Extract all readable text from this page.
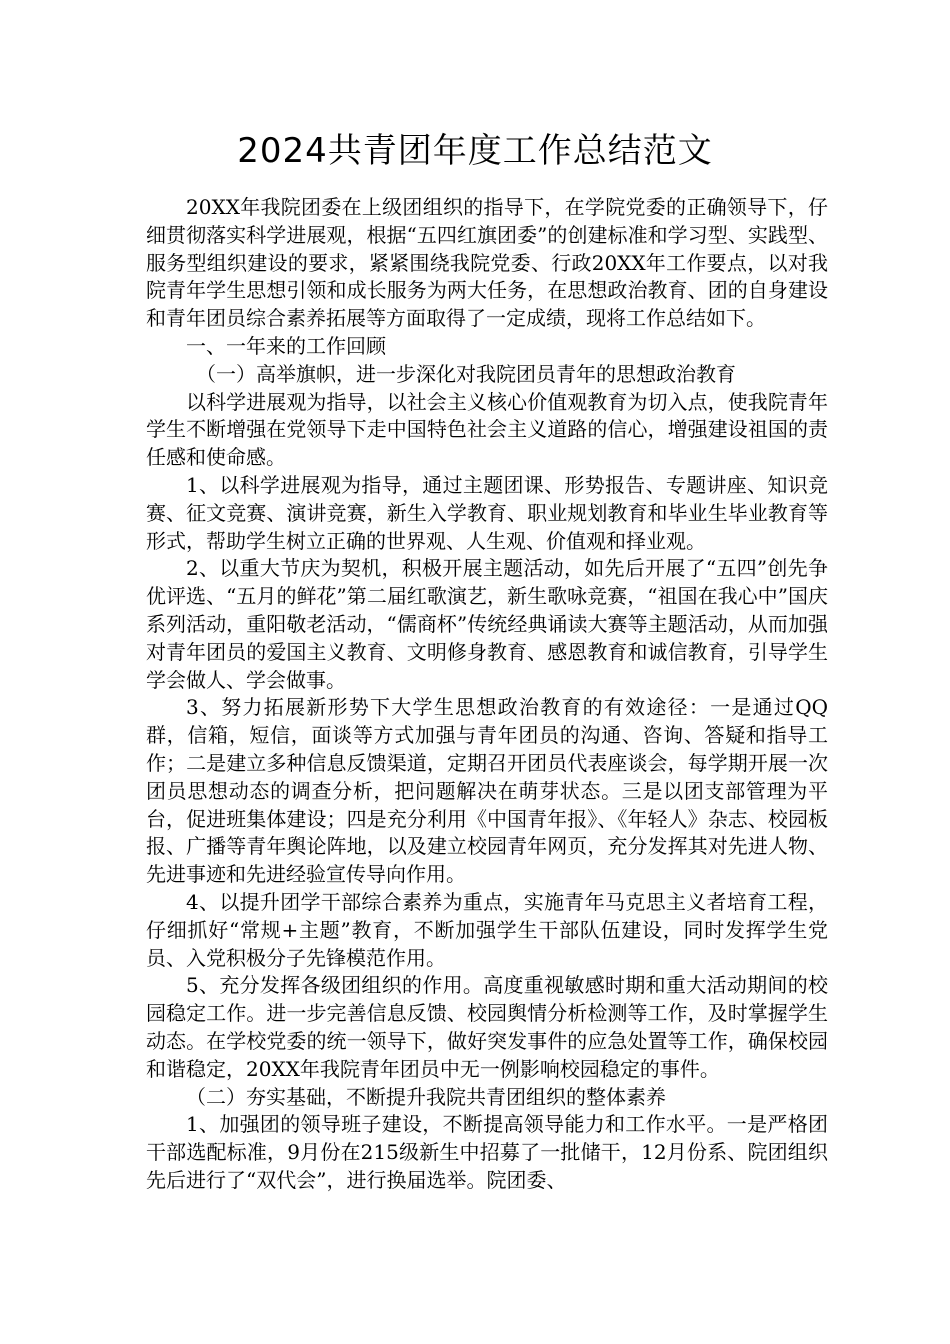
2024共青团年度工作总结范文

20XX年我院团委在上级团组织的指导下，在学院党委的正确领导下，仔细贯彻落实科学进展观，根据“五四红旗团委”的创建标准和学习型、实践型、服务型组织建设的要求，紧紧围绕我院党委、行政20XX年工作要点，以对我院青年学生思想引领和成长服务为两大任务，在思想政治教育、团的自身建设和青年团员综合素养拓展等方面取得了一定成绩，现将工作总结如下。

一、一年来的工作回顾

（一）高举旗帜，进一步深化对我院团员青年的思想政治教育

以科学进展观为指导，以社会主义核心价值观教育为切入点，使我院青年学生不断增强在党领导下走中国特色社会主义道路的信心，增强建设祖国的责任感和使命感。

1、以科学进展观为指导，通过主题团课、形势报告、专题讲座、知识竞赛、征文竞赛、演讲竞赛，新生入学教育、职业规划教育和毕业生毕业教育等形式，帮助学生树立正确的世界观、人生观、价值观和择业观。

2、以重大节庆为契机，积极开展主题活动，如先后开展了“五四”创先争优评选、“五月的鲜花”第二届红歌演艺，新生歌咏竞赛，“祖国在我心中”国庆系列活动，重阳敬老活动，“儒商杯”传统经典诵读大赛等主题活动，从而加强对青年团员的爱国主义教育、文明修身教育、感恩教育和诚信教育，引导学生学会做人、学会做事。

3、努力拓展新形势下大学生思想政治教育的有效途径：一是通过QQ群，信箱，短信，面谈等方式加强与青年团员的沟通、咨询、答疑和指导工作；二是建立多种信息反馈渠道，定期召开团员代表座谈会，每学期开展一次团员思想动态的调查分析，把问题解决在萌芽状态。三是以团支部管理为平台，促进班集体建设；四是充分利用《中国青年报》、《年轻人》杂志、校园板报、广播等青年舆论阵地，以及建立校园青年网页，充分发挥其对先进人物、先进事迹和先进经验宣传导向作用。

4、以提升团学干部综合素养为重点，实施青年马克思主义者培育工程，仔细抓好“常规+主题”教育，不断加强学生干部队伍建设，同时发挥学生党员、入党积极分子先锋模范作用。

5、充分发挥各级团组织的作用。高度重视敏感时期和重大活动期间的校园稳定工作。进一步完善信息反馈、校园舆情分析检测等工作，及时掌握学生动态。在学校党委的统一领导下，做好突发事件的应急处置等工作，确保校园和谐稳定，20XX年我院青年团员中无一例影响校园稳定的事件。

（二）夯实基础，不断提升我院共青团组织的整体素养

1、加强团的领导班子建设，不断提高领导能力和工作水平。一是严格团干部选配标准，9月份在215级新生中招募了一批储干，12月份系、院团组织先后进行了“双代会”，进行换届选举。院团委、
